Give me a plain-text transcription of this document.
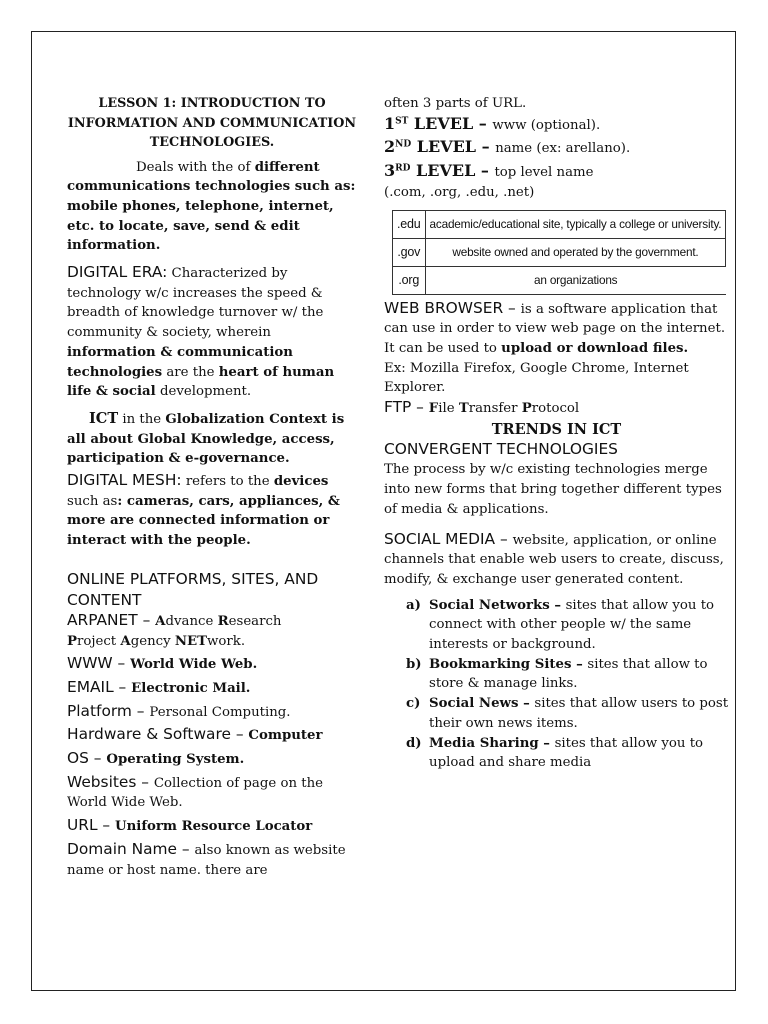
LESSON 1: INTRODUCTION TO INFORMATION AND COMMUNICATION TECHNOLOGIES.

Deals with the of different communications technologies such as: mobile phones, telephone, internet, etc. to locate, save, send & edit information.

DIGITAL ERA: Characterized by technology w/c increases the speed & breadth of knowledge turnover w/ the community & society, wherein information & communication technologies are the heart of human life & social development.

ICT in the Globalization Context is all about Global Knowledge, access, participation & e-governance.

DIGITAL MESH: refers to the devices such as: cameras, cars, appliances, & more are connected information or interact with the people.

ONLINE PLATFORMS, SITES, AND CONTENT

ARPANET – Advance Research
Project Agency NETwork.

WWW – World Wide Web.

EMAIL – Electronic Mail.

Platform – Personal Computing.

Hardware & Software – Computer

OS – Operating System.

Websites – Collection of page on the World Wide Web.

URL – Uniform Resource Locator

Domain Name – also known as website name or host name. there are

often 3 parts of URL.

1ST LEVEL – www (optional).

2ND LEVEL – name (ex: arellano).

3RD LEVEL – top level name

(.com, .org, .edu, .net)

.edu	academic/educational site, typically a college or university.
.gov	website owned and operated by the government.
.org	an organizations

WEB BROWSER – is a software application that can use in order to view web page on the internet. It can be used to upload or download files.
Ex: Mozilla Firefox, Google Chrome, Internet Explorer.

FTP – File Transfer Protocol

TRENDS IN ICT

CONVERGENT TECHNOLOGIES

The process by w/c existing technologies merge into new forms that bring together different types of media & applications.

SOCIAL MEDIA – website, application, or online channels that enable web users to create, discuss, modify, & exchange user generated content.

a) Social Networks – sites that allow you to connect with other people w/ the same interests or background.
b) Bookmarking Sites – sites that allow to store & manage links.
c) Social News – sites that allow users to post their own news items.
d) Media Sharing – sites that allow you to upload and share media
